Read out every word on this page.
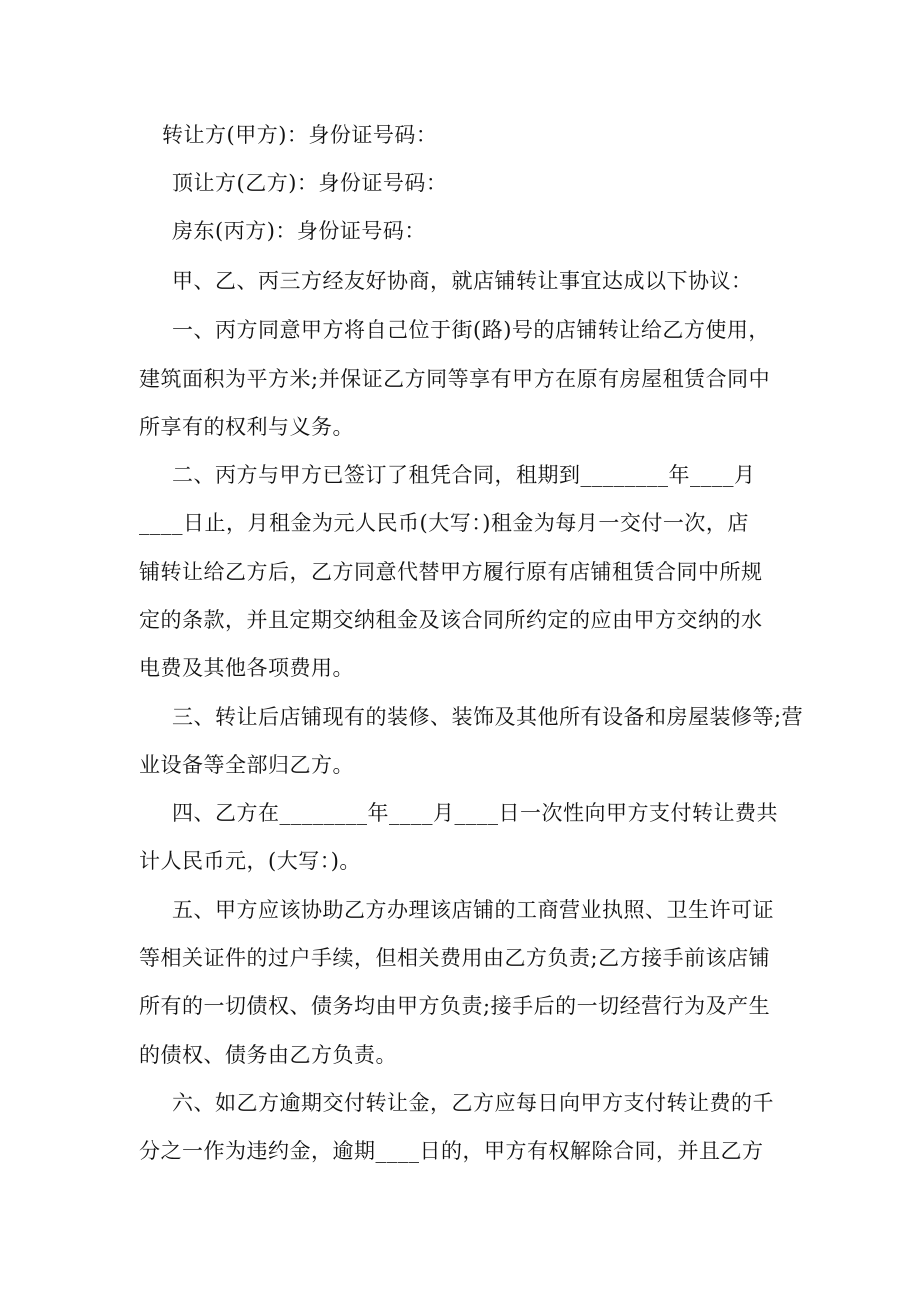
转让方(甲方)：身份证号码：
顶让方(乙方)：身份证号码：
房东(丙方)：身份证号码：
甲、乙、丙三方经友好协商，就店铺转让事宜达成以下协议：
一、丙方同意甲方将自己位于街(路)号的店铺转让给乙方使用，
建筑面积为平方米;并保证乙方同等享有甲方在原有房屋租赁合同中
所享有的权利与义务。
二、丙方与甲方已签订了租凭合同，租期到________年____月
____日止，月租金为元人民币(大写：)租金为每月一交付一次，店
铺转让给乙方后，乙方同意代替甲方履行原有店铺租赁合同中所规
定的条款，并且定期交纳租金及该合同所约定的应由甲方交纳的水
电费及其他各项费用。
三、转让后店铺现有的装修、装饰及其他所有设备和房屋装修等;营
业设备等全部归乙方。
四、乙方在________年____月____日一次性向甲方支付转让费共
计人民币元，(大写：)。
五、甲方应该协助乙方办理该店铺的工商营业执照、卫生许可证
等相关证件的过户手续，但相关费用由乙方负责;乙方接手前该店铺
所有的一切债权、债务均由甲方负责;接手后的一切经营行为及产生
的债权、债务由乙方负责。
六、如乙方逾期交付转让金，乙方应每日向甲方支付转让费的千
分之一作为违约金，逾期____日的，甲方有权解除合同，并且乙方
